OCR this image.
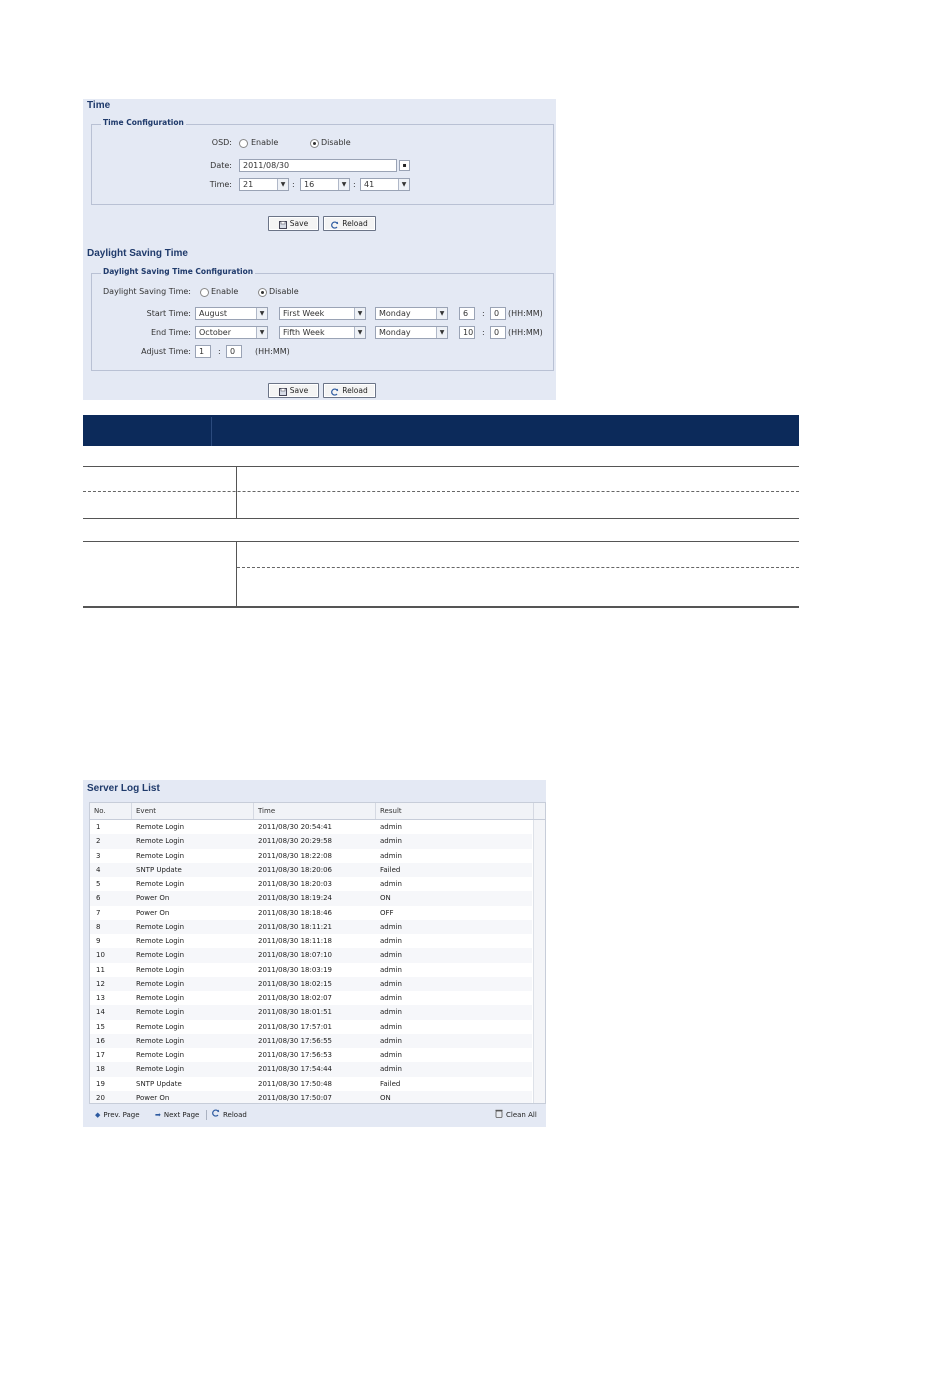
Time
Time Configuration
OSD: Enable	Disable
Date:	2011/08/30	▪
Time:	21	▼ :	16	▼ :	41	▼
Save	Reload
Daylight Saving Time
Daylight Saving Time Configuration
Daylight Saving Time:	Enable	Disable
Start Time:	August	▼	First Week	▼	Monday	▼	6	:	0	(HH:MM)
End Time:	October	▼	Fifth Week	▼	Monday	▼	10 :	0	(HH:MM)
Adjust Time:	1	:	0	(HH:MM)
Save	Reload
Server Log List
No.	Event	Time	Result
1	Remote Login	2011/08/30 20:54:41	admin
2	Remote Login	2011/08/30 20:29:58	admin
3	Remote Login	2011/08/30 18:22:08	admin
4	SNTP Update	2011/08/30 18:20:06	Failed
5	Remote Login	2011/08/30 18:20:03	admin
6	Power On	2011/08/30 18:19:24	ON
7	Power On	2011/08/30 18:18:46	OFF
8	Remote Login	2011/08/30 18:11:21	admin
9	Remote Login	2011/08/30 18:11:18	admin
10	Remote Login	2011/08/30 18:07:10	admin
11	Remote Login	2011/08/30 18:03:19	admin
12	Remote Login	2011/08/30 18:02:15	admin
13	Remote Login	2011/08/30 18:02:07	admin
14	Remote Login	2011/08/30 18:01:51	admin
15	Remote Login	2011/08/30 17:57:01	admin
16	Remote Login	2011/08/30 17:56:55	admin
17	Remote Login	2011/08/30 17:56:53	admin
18	Remote Login	2011/08/30 17:54:44	admin
19	SNTP Update	2011/08/30 17:50:48	Failed
20	Power On	2011/08/30 17:50:07	ON
◆ Prev. Page ➡ Next Page	Reload	Clean All
